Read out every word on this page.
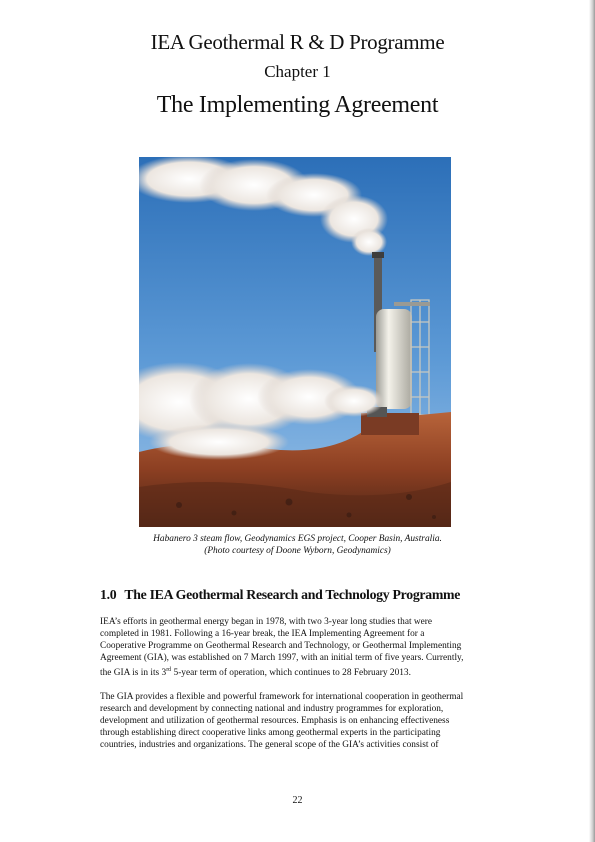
IEA Geothermal R & D Programme
Chapter 1
The Implementing Agreement
Habanero 3 steam flow, Geodynamics EGS project, Cooper Basin, Australia.
(Photo courtesy of Doone Wyborn, Geodynamics)
1.0 The IEA Geothermal Research and Technology Programme
IEA’s efforts in geothermal energy began in 1978, with two 3-year long studies that were
completed in 1981. Following a 16-year break, the IEA Implementing Agreement for a
Cooperative Programme on Geothermal Research and Technology, or Geothermal Implementing
Agreement (GIA), was established on 7 March 1997, with an initial term of five years. Currently,
the GIA is in its 3rd 5-year term of operation, which continues to 28 February 2013.
The GIA provides a flexible and powerful framework for international cooperation in geothermal
research and development by connecting national and industry programmes for exploration,
development and utilization of geothermal resources. Emphasis is on enhancing effectiveness
through establishing direct cooperative links among geothermal experts in the participating
countries, industries and organizations. The general scope of the GIA’s activities consist of
22
